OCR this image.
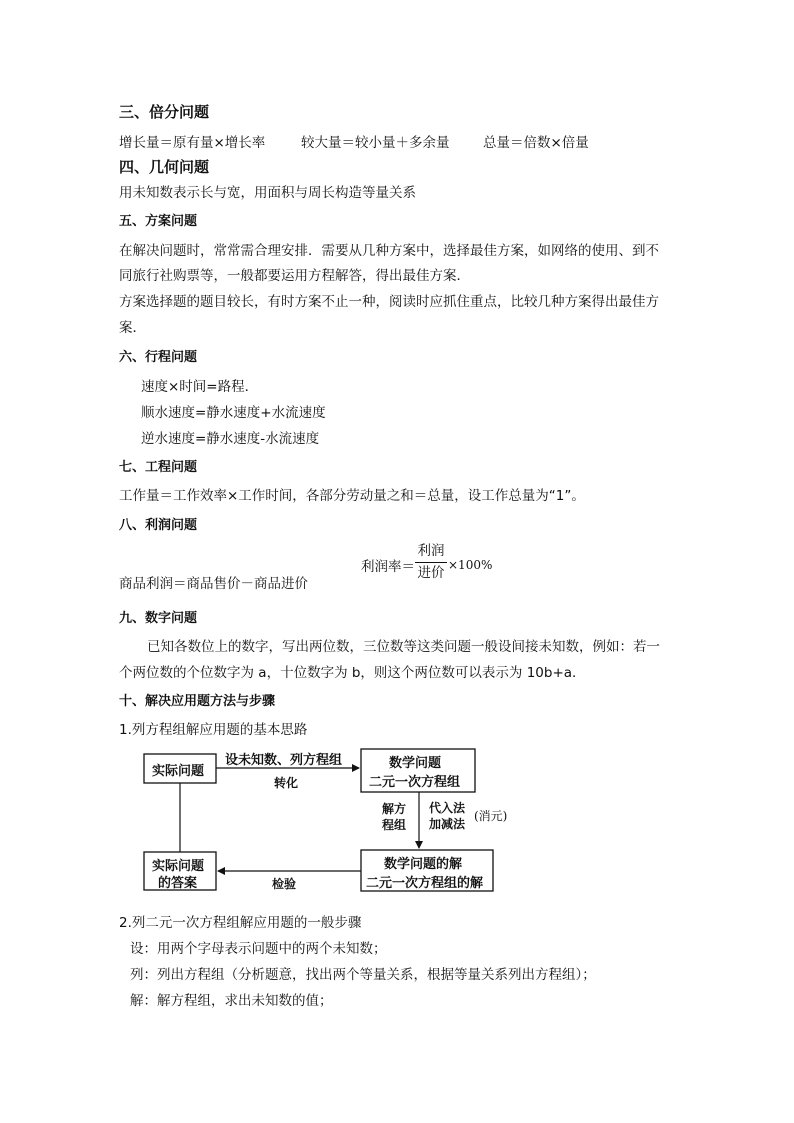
三、倍分问题
增长量＝原有量×增长率	较大量＝较小量＋多余量 总量＝倍数×倍量
四、几何问题
用未知数表示长与宽，用面积与周长构造等量关系
五、方案问题
在解决问题时，常常需合理安排．需要从几种方案中，选择最佳方案，如网络的使用、到不
同旅行社购票等，一般都要运用方程解答，得出最佳方案．
方案选择题的题目较长，有时方案不止一种，阅读时应抓住重点，比较几种方案得出最佳方
案．
六、行程问题
速度×时间=路程．
顺水速度=静水速度+水流速度
逆水速度=静水速度-水流速度
七、工程问题
工作量＝工作效率×工作时间，各部分劳动量之和＝总量，设工作总量为“1”。
八、利润问题
利润率＝
利润
进价 ×100%
商品利润＝商品售价－商品进价
九、数字问题
已知各数位上的数字，写出两位数，三位数等这类问题一般设间接未知数，例如：若一
个两位数的个位数字为 a，十位数字为 b，则这个两位数可以表示为 10b+a．
十、解决应用题方法与步骤
1.列方程组解应用题的基本思路
实际问题
设未知数、列方程组
转化
数学问题
二元一次方程组
解方
程组
代入法
加减法
(消元)
数学问题的解
二元一次方程组的解
检验
实际问题
的答案
2.列二元一次方程组解应用题的一般步骤
设：用两个字母表示问题中的两个未知数；
列：列出方程组（分析题意，找出两个等量关系，根据等量关系列出方程组）；
解：解方程组，求出未知数的值；
